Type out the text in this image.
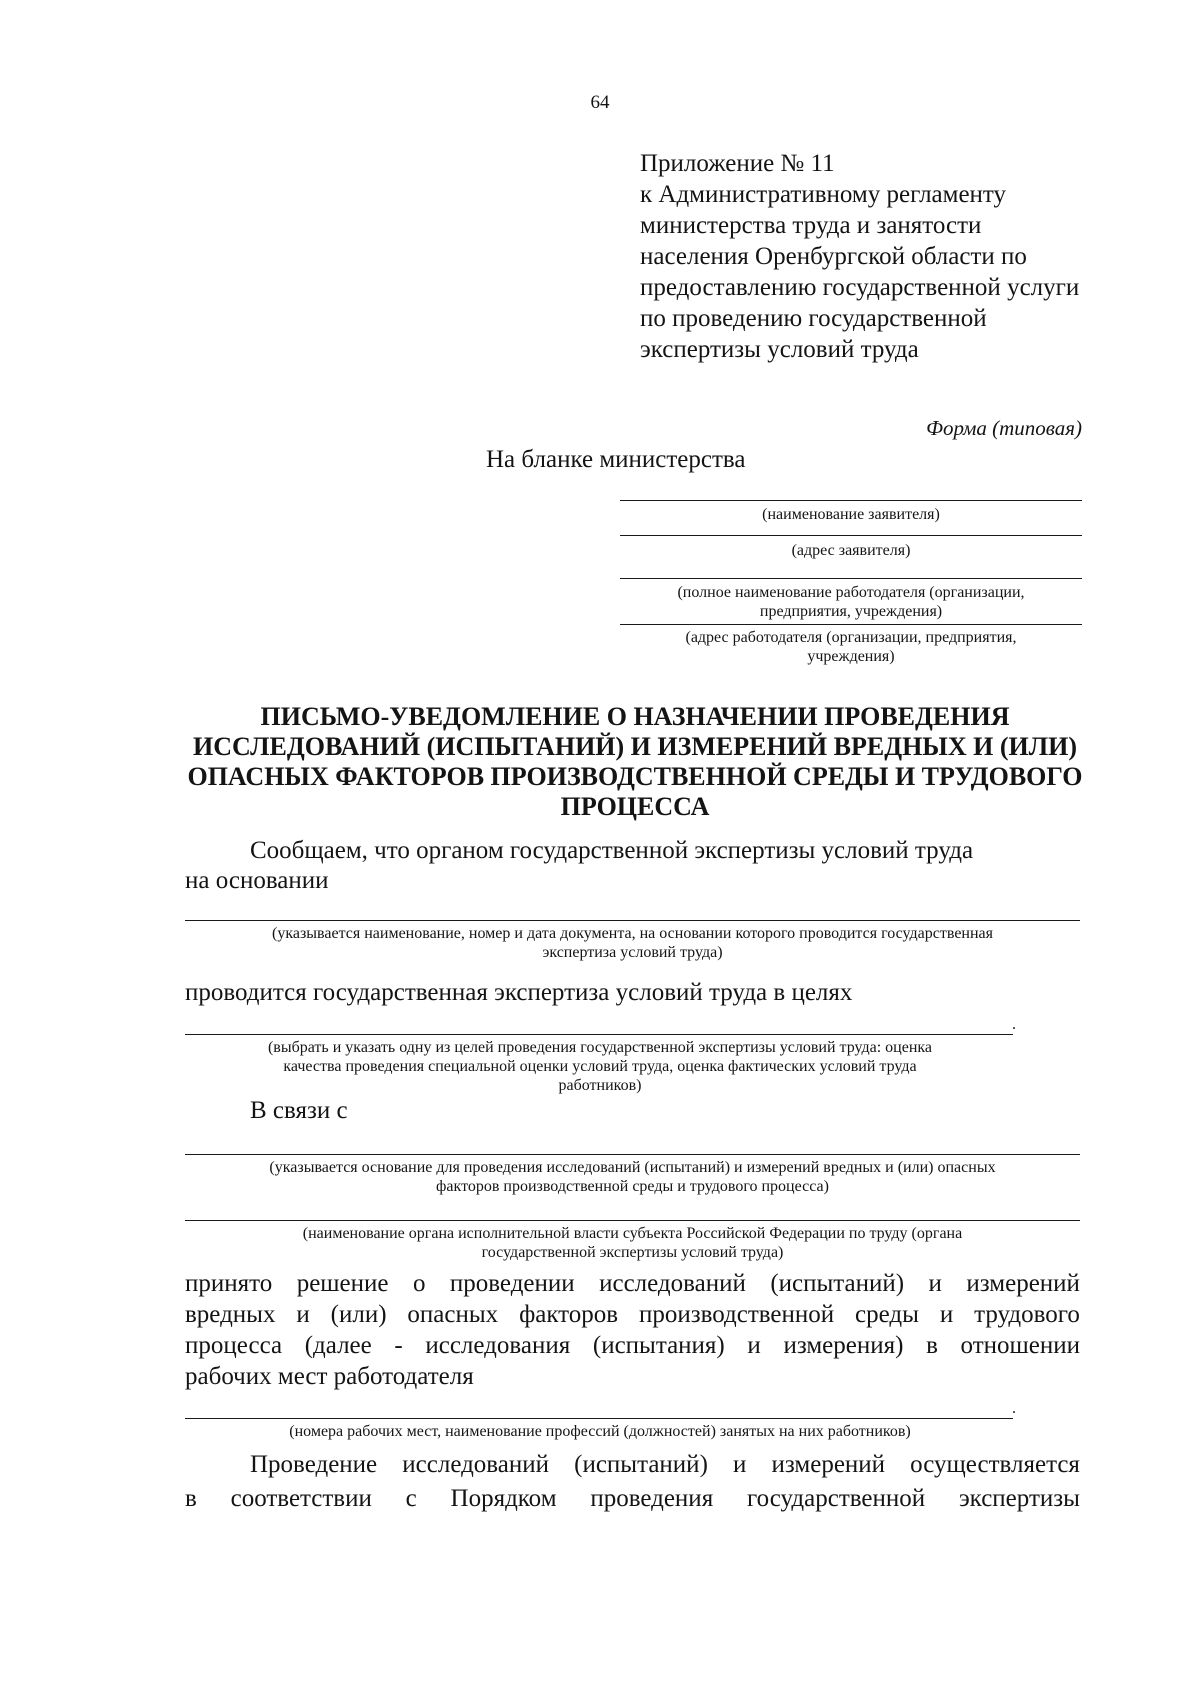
64
Приложение № 11
к Административному регламенту
министерства труда и занятости
населения Оренбургской области по
предоставлению государственной услуги
по проведению государственной
экспертизы условий труда
Форма (типовая)
На бланке министерства
(наименование заявителя)
(адрес заявителя)
(полное наименование работодателя (организации,
предприятия, учреждения)
(адрес работодателя (организации, предприятия,
учреждения)
ПИСЬМО-УВЕДОМЛЕНИЕ О НАЗНАЧЕНИИ ПРОВЕДЕНИЯ
ИССЛЕДОВАНИЙ (ИСПЫТАНИЙ) И ИЗМЕРЕНИЙ ВРЕДНЫХ И (ИЛИ)
ОПАСНЫХ ФАКТОРОВ ПРОИЗВОДСТВЕННОЙ СРЕДЫ И ТРУДОВОГО
ПРОЦЕССА
Сообщаем, что органом государственной экспертизы условий труда
на основании
(указывается наименование, номер и дата документа, на основании которого проводится государственная
экспертиза условий труда)
проводится государственная экспертиза условий труда в целях
.
(выбрать и указать одну из целей проведения государственной экспертизы условий труда: оценка
качества проведения специальной оценки условий труда, оценка фактических условий труда
работников)
В связи с
(указывается основание для проведения исследований (испытаний) и измерений вредных и (или) опасных
факторов производственной среды и трудового процесса)
(наименование органа исполнительной власти субъекта Российской Федерации по труду (органа
государственной экспертизы условий труда)
принято решение о проведении исследований (испытаний) и измерений
вредных и (или) опасных факторов производственной среды и трудового
процесса (далее - исследования (испытания) и измерения) в отношении
рабочих мест работодателя
.
(номера рабочих мест, наименование профессий (должностей) занятых на них работников)
Проведение исследований (испытаний) и измерений осуществляется
в соответствии с Порядком проведения государственной экспертизы
